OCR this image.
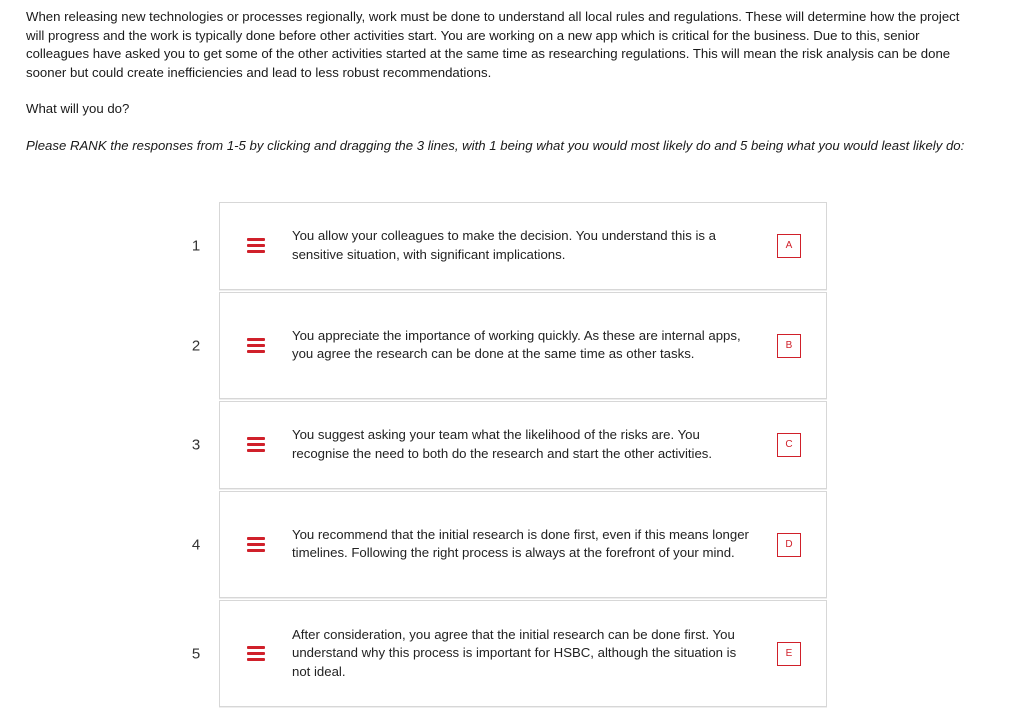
When releasing new technologies or processes regionally, work must be done to understand all local rules and regulations. These will determine how the project will progress and the work is typically done before other activities start. You are working on a new app which is critical for the business. Due to this, senior colleagues have asked you to get some of the other activities started at the same time as researching regulations. This will mean the risk analysis can be done sooner but could create inefficiencies and lead to less robust recommendations.

What will you do?

Please RANK the responses from 1-5 by clicking and dragging the 3 lines, with 1 being what you would most likely do and 5 being what you would least likely do:

1

You allow your colleagues to make the decision. You understand this is a sensitive situation, with significant implications.

A
2

You appreciate the importance of working quickly. As these are internal apps, you agree the research can be done at the same time as other tasks.

B
3

You suggest asking your team what the likelihood of the risks are. You recognise the need to both do the research and start the other activities.

C
4

You recommend that the initial research is done first, even if this means longer timelines. Following the right process is always at the forefront of your mind.

D
5

After consideration, you agree that the initial research can be done first. You understand why this process is important for HSBC, although the situation is not ideal.

E
